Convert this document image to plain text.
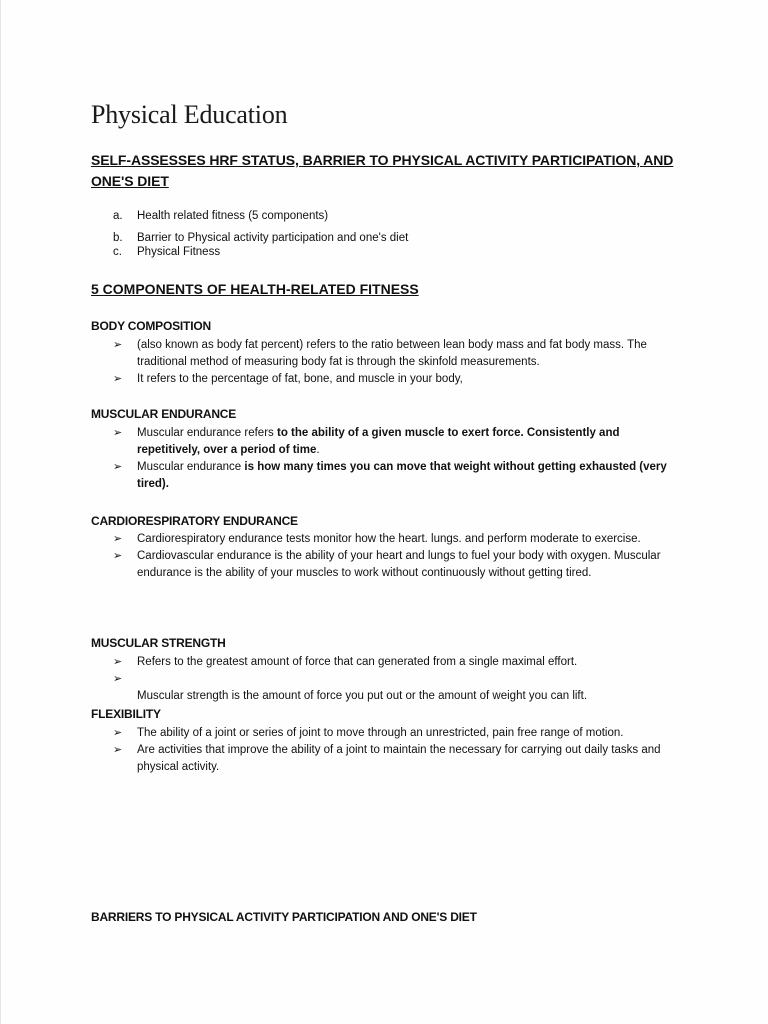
Physical Education
SELF-ASSESSES HRF STATUS, BARRIER TO PHYSICAL ACTIVITY PARTICIPATION, AND ONE'S DIET
a.	Health related fitness (5 components)
b.	Barrier to Physical activity participation and one's diet
c.	Physical Fitness
5 COMPONENTS OF HEALTH-RELATED FITNESS
BODY COMPOSITION
➢	(also known as body fat percent) refers to the ratio between lean body mass and fat body mass. The traditional method of measuring body fat is through the skinfold measurements.
➢	It refers to the percentage of fat, bone, and muscle in your body,
MUSCULAR ENDURANCE
➢	Muscular endurance refers to the ability of a given muscle to exert force. Consistently and repetitively, over a period of time.
➢	Muscular endurance is how many times you can move that weight without getting exhausted (very tired).
CARDIORESPIRATORY ENDURANCE
➢	Cardiorespiratory endurance tests monitor how the heart. lungs. and perform moderate to exercise.
➢	Cardiovascular endurance is the ability of your heart and lungs to fuel your body with oxygen. Muscular endurance is the ability of your muscles to work without continuously without getting tired.
MUSCULAR STRENGTH
➢	Refers to the greatest amount of force that can generated from a single maximal effort.
➢
Muscular strength is the amount of force you put out or the amount of weight you can lift.
FLEXIBILITY
➢	The ability of a joint or series of joint to move through an unrestricted, pain free range of motion.
➢	Are activities that improve the ability of a joint to maintain the necessary for carrying out daily tasks and physical activity.
BARRIERS TO PHYSICAL ACTIVITY PARTICIPATION AND ONE'S DIET
